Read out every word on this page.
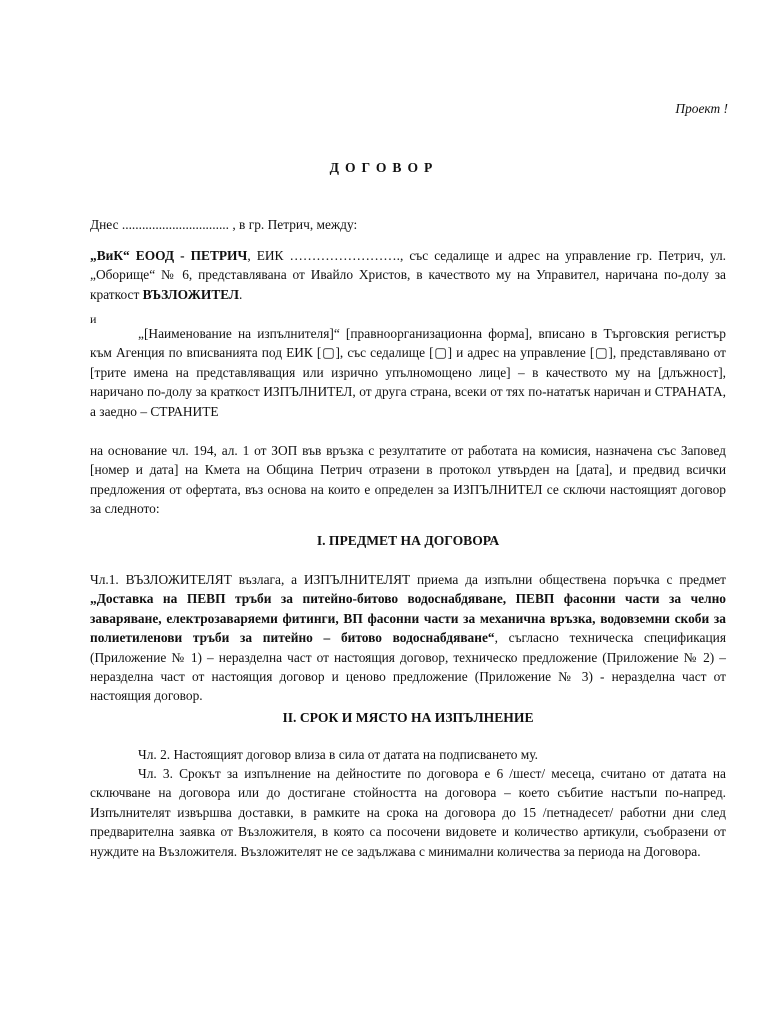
Проект !
ДОГОВОР

Днес ................................ , в гр. Петрич, между:

„ВиК“ ЕООД - ПЕТРИЧ, ЕИК ……………………., със седалище и адрес на управление гр. Петрич, ул. „Оборище“ № 6, представлявана от Ивайло Христов, в качеството му на Управител, наричана по-долу за краткост ВЪЗЛОЖИТЕЛ.

и

„[Наименование на изпълнителя]“ [правноорганизационна форма], вписано в Търговския регистър към Агенция по вписванията под ЕИК [▢], със седалище [▢] и адрес на управление [▢], представлявано от [трите имена на представляващия или изрично упълномощено лице] – в качеството му на [длъжност], наричано по-долу за краткост ИЗПЪЛНИТЕЛ, от друга страна, всеки от тях по-нататък наричан и СТРАНАТА, а заедно – СТРАНИТЕ

на основание чл. 194, ал. 1 от ЗОП във връзка с резултатите от работата на комисия, назначена със Заповед [номер и дата] на Кмета на Община Петрич отразени в протокол утвърден на [дата], и предвид всички предложения от офертата, въз основа на които е определен за ИЗПЪЛНИТЕЛ се сключи настоящият договор за следното:

I. ПРЕДМЕТ НА ДОГОВОРА

Чл.1. ВЪЗЛОЖИТЕЛЯТ възлага, а ИЗПЪЛНИТЕЛЯТ приема да изпълни обществена поръчка с предмет „Доставка на ПЕВП тръби за питейно-битово водоснабдяване, ПЕВП фасонни части за челно заваряване, електрозаваряеми фитинги, ВП фасонни части за механична връзка, водовземни скоби за полиетиленови тръби за питейно – битово водоснабдяване“, съгласно техническа спецификация (Приложение № 1) – неразделна част от настоящия договор, техническо предложение (Приложение № 2) – неразделна част от настоящия договор и ценово предложение (Приложение № 3) - неразделна част от настоящия договор.

II. СРОК И МЯСТО НА ИЗПЪЛНЕНИЕ

Чл. 2. Настоящият договор влиза в сила от датата на подписването му.

Чл. 3. Срокът за изпълнение на дейностите по договора е 6 /шест/ месеца, считано от датата на сключване на договора или до достигане стойността на договора – което събитие настъпи по-напред. Изпълнителят извършва доставки, в рамките на срока на договора до 15 /петнадесет/ работни дни след предварителна заявка от Възложителя, в която са посочени видовете и количество артикули, съобразени от нуждите на Възложителя. Възложителят не се задължава с минимални количества за периода на Договора.
